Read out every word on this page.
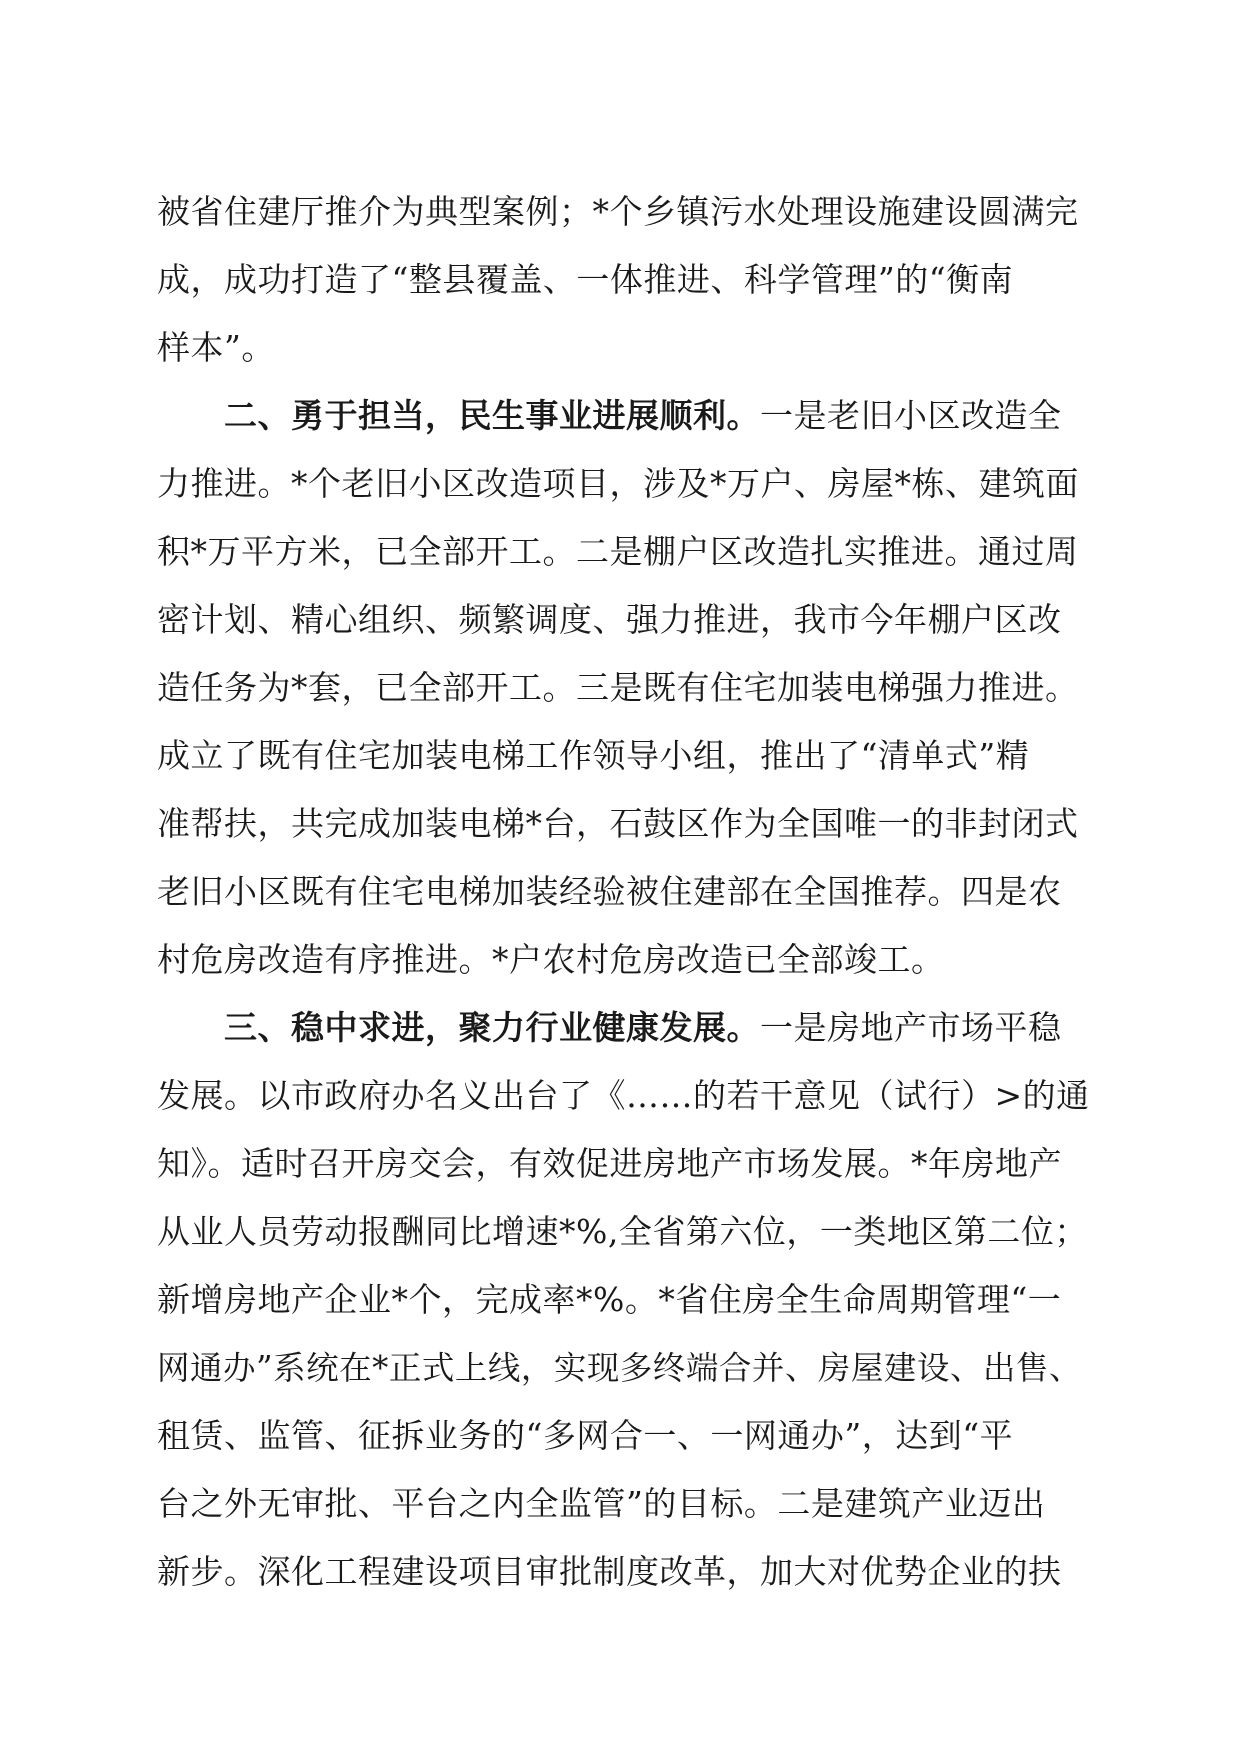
被省住建厅推介为典型案例；*个乡镇污水处理设施建设圆满完
成，成功打造了“整县覆盖、一体推进、科学管理”的“衡南
样本”。
二、勇于担当，民生事业进展顺利。一是老旧小区改造全
力推进。*个老旧小区改造项目，涉及*万户、房屋*栋、建筑面
积*万平方米，已全部开工。二是棚户区改造扎实推进。通过周
密计划、精心组织、频繁调度、强力推进，我市今年棚户区改
造任务为*套，已全部开工。三是既有住宅加装电梯强力推进。
成立了既有住宅加装电梯工作领导小组，推出了“清单式”精
准帮扶，共完成加装电梯*台，石鼓区作为全国唯一的非封闭式
老旧小区既有住宅电梯加装经验被住建部在全国推荐。四是农
村危房改造有序推进。*户农村危房改造已全部竣工。
三、稳中求进，聚力行业健康发展。一是房地产市场平稳
发展。以市政府办名义出台了《……的若干意见（试行）>的通
知》。适时召开房交会，有效促进房地产市场发展。*年房地产
从业人员劳动报酬同比增速*%,全省第六位，一类地区第二位；
新增房地产企业*个，完成率*%。*省住房全生命周期管理“一
网通办”系统在*正式上线，实现多终端合并、房屋建设、出售、
租赁、监管、征拆业务的“多网合一、一网通办”，达到“平
台之外无审批、平台之内全监管”的目标。二是建筑产业迈出
新步。深化工程建设项目审批制度改革，加大对优势企业的扶
